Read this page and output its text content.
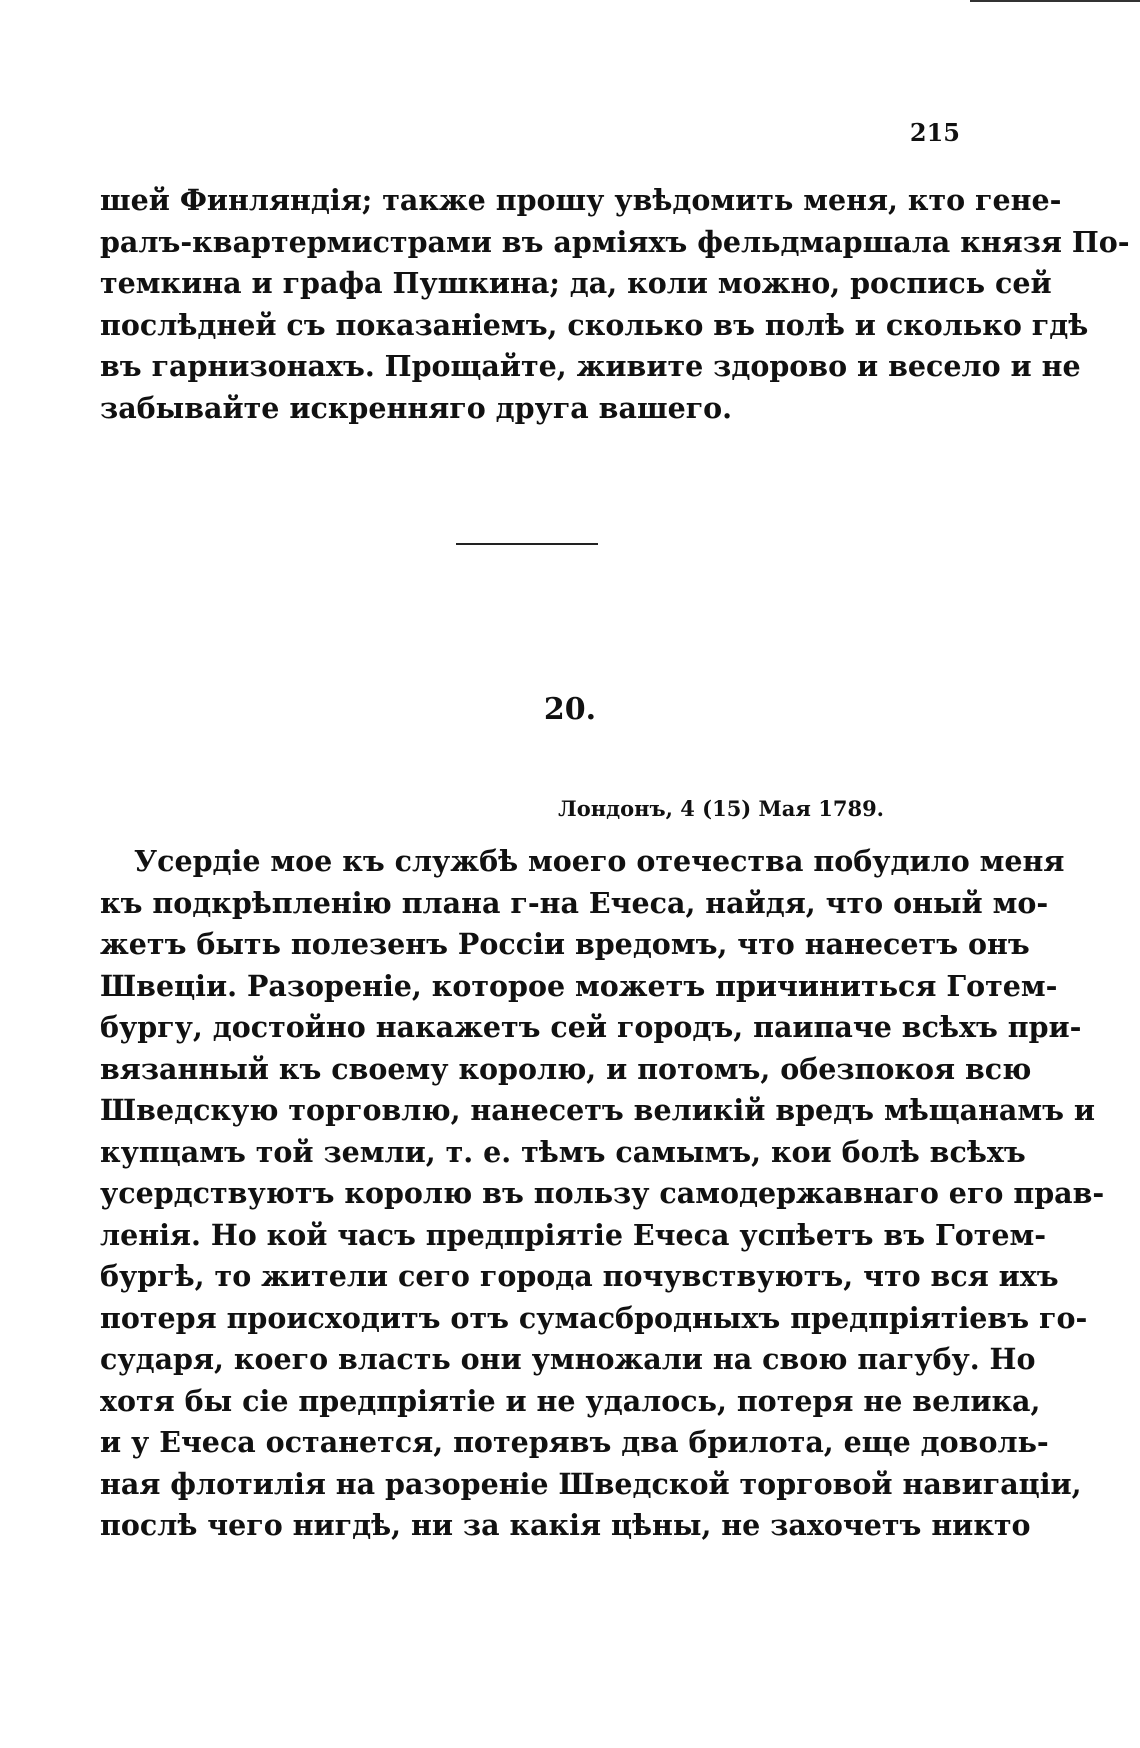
215
шей Финляндія; также прошу увѣдомить меня, кто гене-
ралъ-квартермистрами въ арміяхъ фельдмаршала князя По-
темкина и графа Пушкина; да, коли можно, роспись сей
послѣдней съ показаніемъ, сколько въ полѣ и сколько гдѣ
въ гарнизонахъ. Прощайте, живите здорово и весело и не
забывайте искренняго друга вашего.
20.
Лондонъ, 4 (15) Мая 1789.
Усердіе мое къ службѣ моего отечества побудило меня
къ подкрѣпленію плана г-на Ечеса, найдя, что оный мо-
жетъ быть полезенъ Россіи вредомъ, что нанесетъ онъ
Швеціи. Разореніе, которое можетъ причиниться Готем-
бургу, достойно накажетъ сей городъ, паипаче всѣхъ при-
вязанный къ своему королю, и потомъ, обезпокоя всю
Шведскую торговлю, нанесетъ великій вредъ мѣщанамъ и
купцамъ той земли, т. е. тѣмъ самымъ, кои болѣ всѣхъ
усердствуютъ королю въ пользу самодержавнаго его прав-
ленія. Но кой часъ предпріятіе Ечеса успѣетъ въ Готем-
бургѣ, то жители сего города почувствуютъ, что вся ихъ
потеря происходитъ отъ сумасбродныхъ предпріятіевъ го-
сударя, коего власть они умножали на свою пагубу. Но
хотя бы сіе предпріятіе и не удалось, потеря не велика,
и у Ечеса останется, потерявъ два брилота, еще доволь-
ная флотилія на разореніе Шведской торговой навигаціи,
послѣ чего нигдѣ, ни за какія цѣны, не захочетъ никто
